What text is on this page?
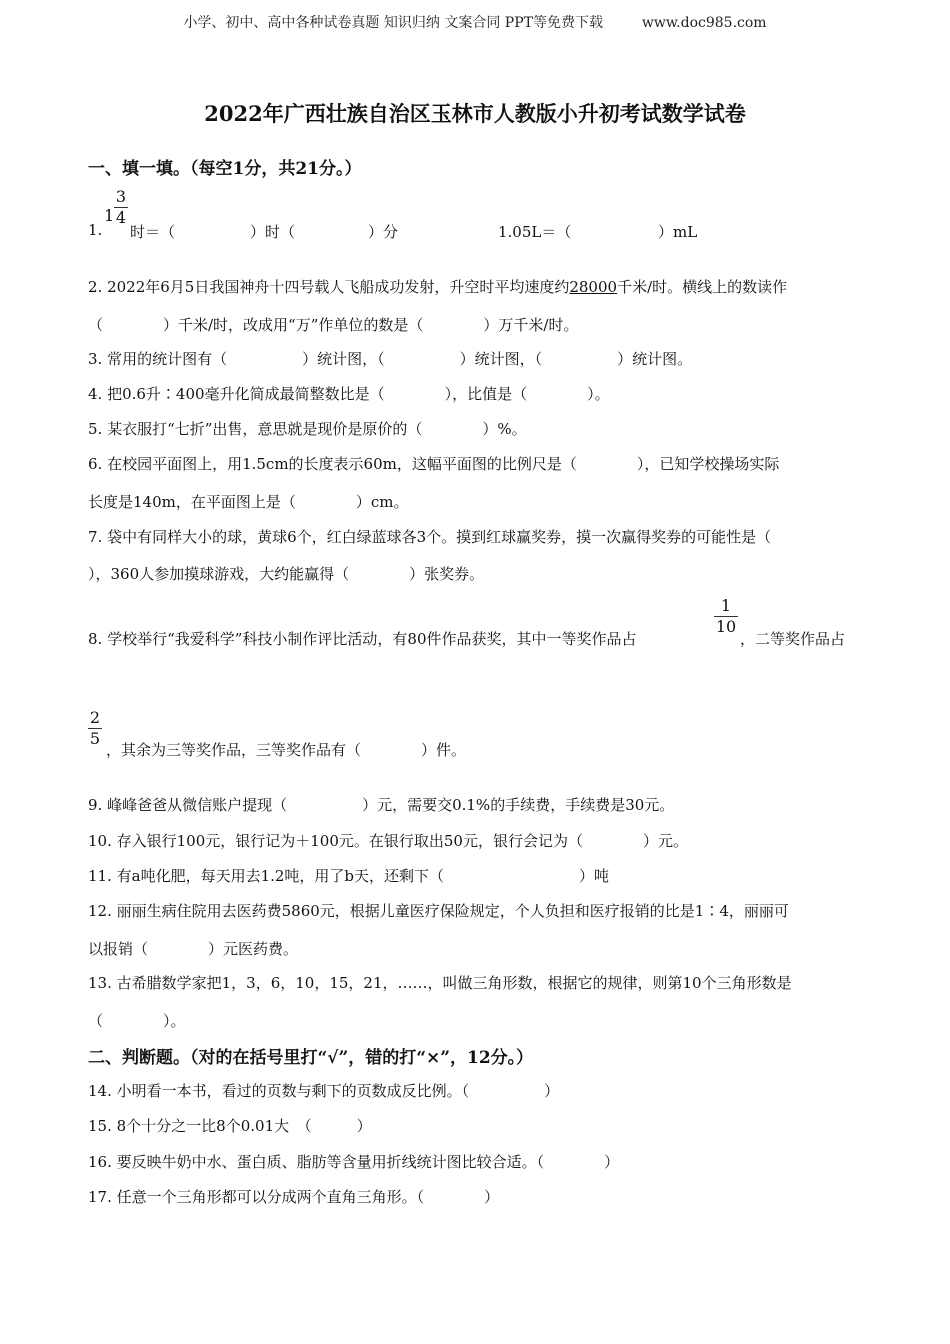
小学、初中、高中各种试卷真题 知识归纳 文案合同 PPT等免费下载	www.doc985.com
2022年广西壮族自治区玉林市人教版小升初考试数学试卷
一、填一填。（每空1分，共21分。）
1.
1
3
4
时＝（	）时（	）分	1.05L＝（	）mL
2. 2022年6月5日我国神舟十四号载人飞船成功发射，升空时平均速度约28000千米/时。横线上的数读作
（　　　　）千米/时，改成用“万”作单位的数是（　　　　）万千米/时。
3. 常用的统计图有（　　　　　）统计图，（　　　　　）统计图，（　　　　　）统计图。
4. 把0.6升∶400毫升化简成最简整数比是（　　　　），比值是（　　　　）。
5. 某衣服打“七折”出售，意思就是现价是原价的（　　　　）%。
6. 在校园平面图上，用1.5cm的长度表示60m，这幅平面图的比例尺是（　　　　），已知学校操场实际
长度是140m，在平面图上是（　　　　）cm。
7. 袋中有同样大小的球，黄球6个，红白绿蓝球各3个。摸到红球赢奖券，摸一次赢得奖券的可能性是（
），360人参加摸球游戏，大约能赢得（　　　　）张奖券。
8. 学校举行“我爱科学”科技小制作评比活动，有80件作品获奖，其中一等奖作品占
1
10
，二等奖作品占
2
5
，其余为三等奖作品，三等奖作品有（　　　　）件。
9. 峰峰爸爸从微信账户提现（　　　　　）元，需要交0.1%的手续费，手续费是30元。
10. 存入银行100元，银行记为＋100元。在银行取出50元，银行会记为（　　　　）元。
11. 有a吨化肥，每天用去1.2吨，用了b天，还剩下（　　　　　　　　　）吨
12. 丽丽生病住院用去医药费5860元，根据儿童医疗保险规定，个人负担和医疗报销的比是1∶4，丽丽可
以报销（　　　　）元医药费。
13. 古希腊数学家把1，3，6，10，15，21，……，叫做三角形数，根据它的规律，则第10个三角形数是
（　　　　）。
二、判断题。（对的在括号里打“√”，错的打“×”，12分。）
14. 小明看一本书，看过的页数与剩下的页数成反比例。（　　　　　）
15. 8个十分之一比8个0.01大　（　　　）
16. 要反映牛奶中水、蛋白质、脂肪等含量用折线统计图比较合适。（　　　　）
17. 任意一个三角形都可以分成两个直角三角形。（　　　　）
